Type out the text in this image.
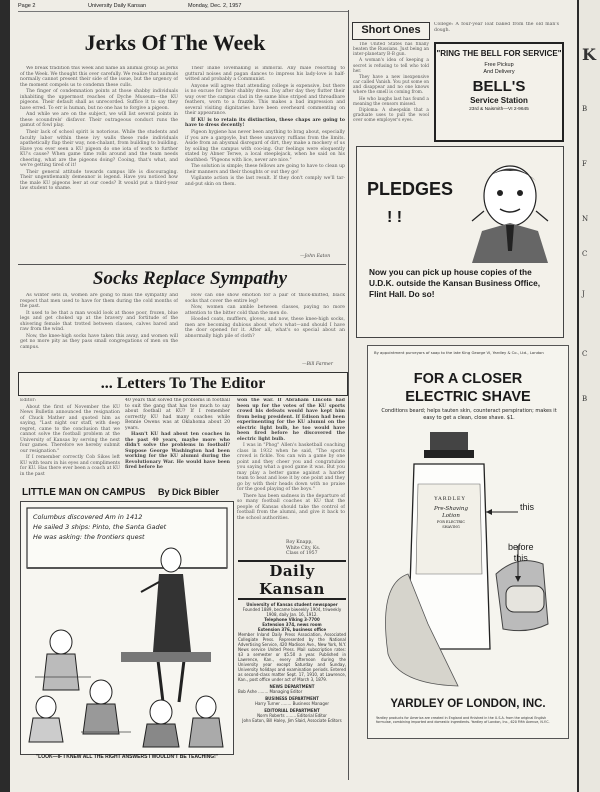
Page 2	University Daily Kansan	Monday, Dec. 2, 1957
Jerks Of The Week

We break tradition this week and name an animal group as Jerks of the Week. We thought this over carefully. We realize that animals normally cannot present their side of the issue, but the urgency of the moment compels us to condemn these culls.

The finger of condemnation points at those shabby individuals inhabiting the uppermost reaches of Dyche Museum—the KU pigeons. Their default shall as unrecorded. Suffice it to say they have erred. To err is human, but no one has to forgive a pigeon.

And while we are on the subject, we will list several points in these scoundrels' disfavor. Their outrageous conduct runs the gamut of fowl play.

Their lack of school spirit is notorious. While the students and faculty labor within these ivy walls these rude individuals apathetically flap their way, non-chalant, from building to building. Have you ever seen a KU pigeon do one iota of work to further KU's cause? When game time rolls around and the team needs cheering, what are the pigeons doing? Cooing, that's what, and we're getting tired of it!

Their general attitude towards campus life is discouraging. Their ungentlemanly demeanor is legend. Have you noticed how the male KU pigeons leer at our coeds? It would put a third-year law student to shame.

Their inane lovemaking is immoral. Any male resorting to guttural noises and pagan dances to impress his lady-love is half-witted and probably a Communist.

Anyone will agree that attending college is expensive, but there is no excuse for their shabby dress. Day after day they flutter their way over the campus clad in the same blue striped and threadbare feathers, worn to a frazzle. This makes a bad impression and several visiting dignitaries have been overheard commenting on their appearance.

If KU is to retain its distinction, these chaps are going to have to dress decently!

Pigeon hygiene has never been anything to brag about, especially if you are a gargoyle, but these unsavory ruffians from the limits. Aside from an abysmal disregard of dirt, they make a mockery of us by soiling the campus with coo-ing. Our feelings were eloquently stated by Abner Terwe, a local steeplejack, when he said on his deathbed: "Pigeons with lice, never are nice."

The solution is simple; these fellows are going to have to clean up their manners and their thoughts or out they go!

Vigilante action is the last result. If they don't comply we'll tar-and-put skin on them.

—John Eaton
Socks Replace Sympathy

As winter sets in, women are going to miss the sympathy and respect that men used to have for them during the cold months of the past.

It used to be that a man would look at those poor, frozen, blue legs and get choked up at the bravery and fortitude of the shivering female that trotted between classes, calves bared and raw from the wind.

Now, the knee-high socks have taken this away, and women will get no more pity as they pass small congregations of men on the campus.

How can one show emotion for a pair of thick-knitted, black socks that cover the entire leg?

Now, women can amble between classes, paying no more attention to the bitter cold than the men do.

Hooded coats, mufflers, gloves, and now, these knee-high socks, men are becoming dubious about who's what—and should I have the door opened for it. After all, what's so special about an abnormally high pile of cloth?

—Bill Farmer
... Letters To The Editor

Editor:

About the first of November the KU News Bulletin announced the resignation of Chuck Mather and quoted him as saying, "Last night our staff, with deep regret, came to the conclusion that we cannot solve the football problem at the University of Kansas by serving the next four games. Therefore we hereby submit our resignation."

If I remember correctly Cob Sikes left KU with tears in his eyes and compliments for KU. Has there ever been a coach at KU in the past

40 years that solved the problems in football to suit the gang that has too much to say about football at KU? If I remember correctly KU had many coaches while Bennie Owens was at Oklahoma about 20 years.

Hasn't KU had about ten coaches in the past 40 years, maybe more who didn't solve the problems in football? Suppose George Washington had been working for the KU alumni during the Revolutionary War. He would have been fired before he

won the war. If Abraham Lincoln had been up for the votes of the KU sports crowd his defeats would have kept him from being president. If Edison had been experimenting for the KU alumni on the electric light bulb, he too would have been fired before he discovered the electric light bulb.

I was in "Phog" Allen's basketball coaching class in 1932 when he said, "The sports crowd is fickle. You can win a game by one point and they cheer you and congratulate you saying what a good game it was. But you may play a better game against a harder team to beat and lose it by one point and they go by with their heads down with no praise for the good playing of the boys."

There has been sadness in the departure of so many football coaches at KU that the people of Kansas should take the control of football from the alumni, and give it back to the school authorities.

Roy Knapp,
White City, Ks.
Class of 1957
LITTLE MAN ON CAMPUS By Dick Bibler
Columbus discovered Am in 1412
He sailed 3 ships: Pinto, the Santa Gadet
He was asking: the frontiers quest
"LOOK—IF I KNEW ALL THE RIGHT ANSWERS I WOULDN'T BE TEACHING!"
Daily Kansan
University of Kansas student newspaper
Founded 1889, became biweekly 1904, triweekly 1908, daily Jan. 16, 1912.
Telephone Viking 3-7700
Extension 374, news room
Extension 376, business office
Member Inland Daily Press Association, Associated Collegiate Press. Represented by the National Advertising Service, 420 Madison Ave., New York, N.Y. News service United Press. Mail subscription rates: $3 a semester or $5.50 a year. Published in Lawrence, Kan., every afternoon during the University year except Saturday and Sunday, University holidays and examination periods. Entered as second-class matter Sept. 17, 1910, at Lawrence, Kan., post office under act of March 3, 1879.
NEWS DEPARTMENT
Bob Ashe ........ Managing Editor
BUSINESS DEPARTMENT
Harry Turner ........ Business Manager
EDITORIAL DEPARTMENT
Norm Roberts ........ Editorial Editor
John Eaton, Bill Haley, Jim Slaid, Associate Editors
Short Ones

The United States has finally beaten the Russians. Just being an inter-planetary B-B gun.

A woman's idea of keeping a secret is refusing to tell who told her.

They have a new inexpensive car called Vanish. You put some on and disappear and no one knows where the smell is coming from.

He who laughs last has found a meaning the censors missed.

Diploma: A sheepskin that a graduate uses to pull the wool over some employer's eyes.

College: A four-year loaf baked from the old man's dough.
"RING THE BELL FOR SERVICE"
Free Pickup
And Delivery
BELL'S
Service Station
23rd & Naismith—VI 2-9645
PLEDGES
! !
Now you can pick up house copies of the U.D.K. outside the Kansan Business Office, Flint Hall. Do so!
By appointment purveyors of soap to the late King George VI, Yardley & Co., Ltd., London
FOR A CLOSER
ELECTRIC SHAVE
Conditions beard; helps tauten skin, counteract perspiration; makes it easy to get a clean, close shave. $1.
YARDLEY
Pre-Shaving
Lotion
FOR ELECTRIC
SHAVING
this
before
this
YARDLEY OF LONDON, INC.
Yardley products for America are created in England and finished in the U.S.A. from the original English formulae, combining imported and domestic ingredients. Yardley of London, Inc., 620 Fifth Avenue, N.Y.C.
K
B
F
N
C
J
C
B
